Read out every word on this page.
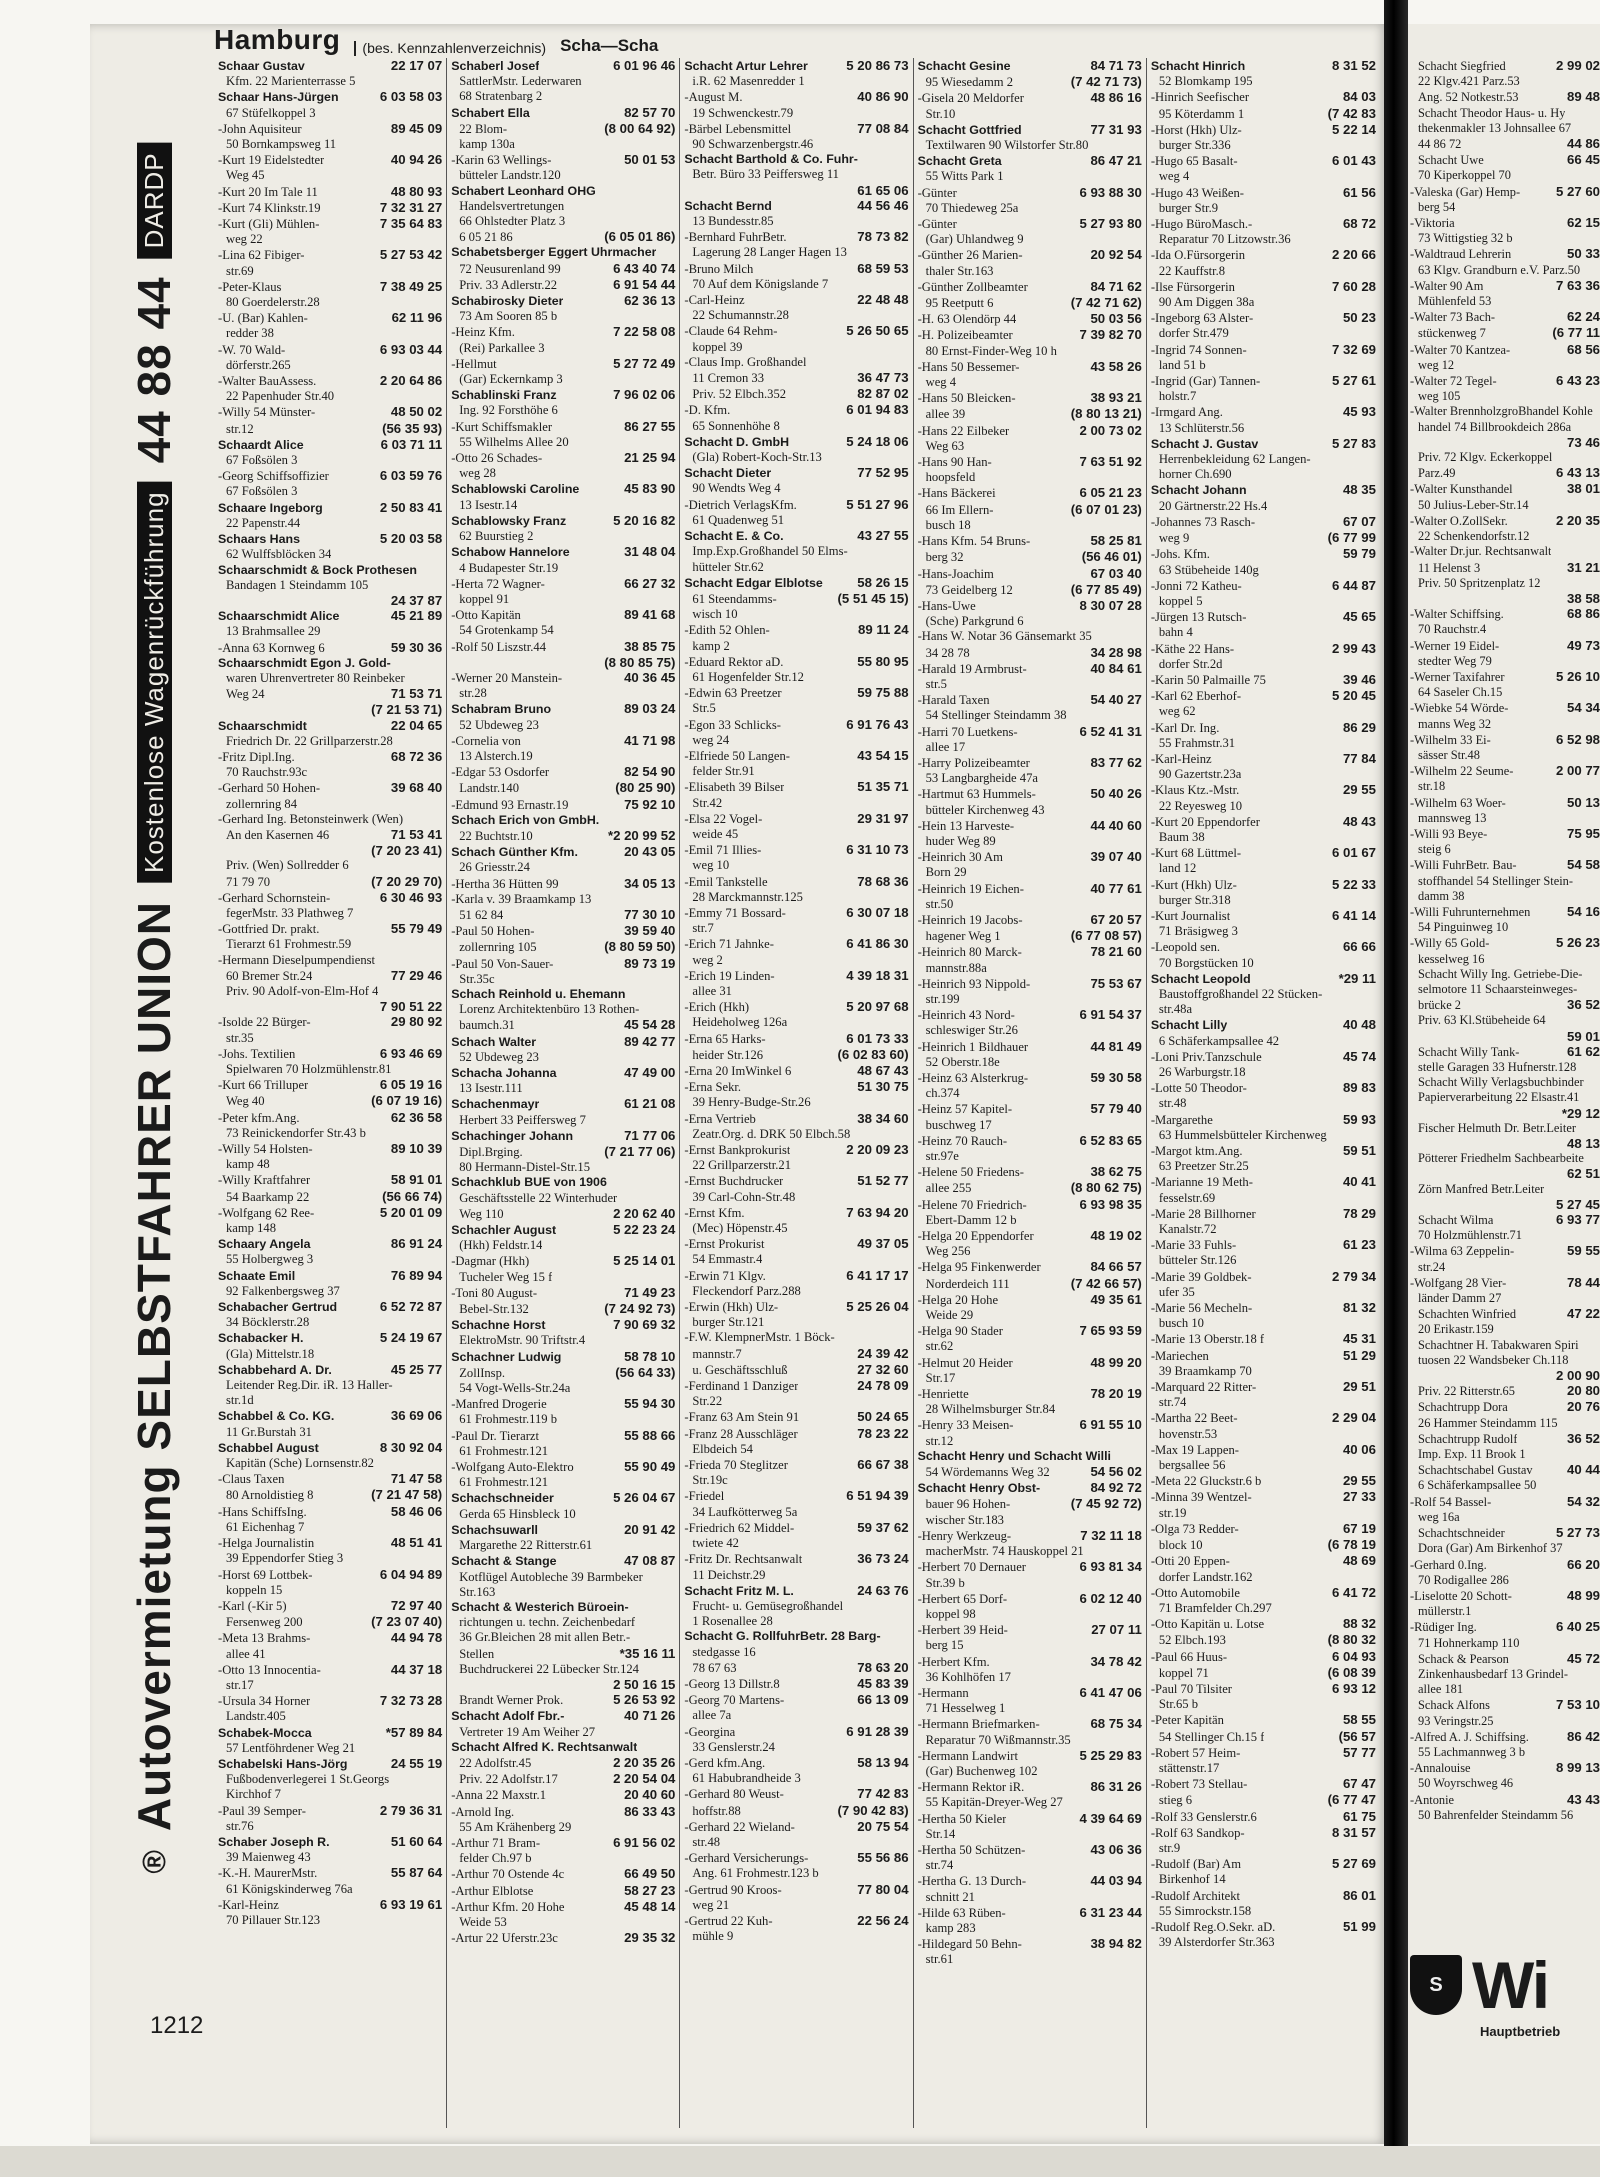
Hamburg	(bes. Kennzahlenverzeichnis) Scha—Scha
®
Autovermietung SELBSTFAHRER UNION
Kostenlose Wagenrückführung
44 88 44
DARDP
1212
Schaar Gustav	22 17 07
Kfm. 22 Marienterrasse 5
Schaar Hans-Jürgen	6 03 58 03
67 Stüfelkoppel 3
-John Aquisiteur	89 45 09
50 Bornkampsweg 11
-Kurt 19 Eidelstedter	40 94 26
Weg 45
-Kurt 20 Im Tale 11	48 80 93
-Kurt 74 Klinkstr.19	7 32 31 27
-Kurt (Gli) Mühlen-	7 35 64 83
weg 22
-Lina 62 Fibiger-	5 27 53 42
str.69
-Peter-Klaus	7 38 49 25
80 Goerdelerstr.28
-U. (Bar) Kahlen-	62 11 96
redder 38
-W. 70 Wald-	6 93 03 44
dörferstr.265
-Walter BauAssess.	2 20 64 86
22 Papenhuder Str.40
-Willy 54 Münster-	48 50 02
str.12	(56 35 93)
Schaardt Alice	6 03 71 11
67 Foßsölen 3
-Georg Schiffsoffizier	6 03 59 76
67 Foßsölen 3
Schaare Ingeborg	2 50 83 41
22 Papenstr.44
Schaars Hans	5 20 03 58
62 Wulffsblöcken 34
Schaarschmidt & Bock Prothesen
Bandagen 1 Steindamm 105
24 37 87
Schaarschmidt Alice	45 21 89
13 Brahmsallee 29
-Anna 63 Kornweg 6	59 30 36
Schaarschmidt Egon J. Gold-
waren Uhrenvertreter 80 Reinbeker
Weg 24	71 53 71
(7 21 53 71)
Schaarschmidt	22 04 65
Friedrich Dr. 22 Grillparzerstr.28
-Fritz Dipl.Ing.	68 72 36
70 Rauchstr.93c
-Gerhard 50 Hohen-	39 68 40
zollernring 84
-Gerhard Ing. Betonsteinwerk (Wen)
An den Kasernen 46	71 53 41
(7 20 23 41)
Priv. (Wen) Sollredder 6
71 79 70	(7 20 29 70)
-Gerhard Schornstein-	6 30 46 93
fegerMstr. 33 Plathweg 7
-Gottfried Dr. prakt.	55 79 49
Tierarzt 61 Frohmestr.59
-Hermann Dieselpumpendienst
60 Bremer Str.24	77 29 46
Priv. 90 Adolf-von-Elm-Hof 4
7 90 51 22
-Isolde 22 Bürger-	29 80 92
str.35
-Johs. Textilien	6 93 46 69
Spielwaren 70 Holzmühlenstr.81
-Kurt 66 Trilluper	6 05 19 16
Weg 40	(6 07 19 16)
-Peter kfm.Ang.	62 36 58
73 Reinickendorfer Str.43 b
-Willy 54 Holsten-	89 10 39
kamp 48
-Willy Kraftfahrer	58 91 01
54 Baarkamp 22	(56 66 74)
-Wolfgang 62 Ree-	5 20 01 09
kamp 148
Schaary Angela	86 91 24
55 Holbergweg 3
Schaate Emil	76 89 94
92 Falkenbergsweg 37
Schabacher Gertrud	6 52 72 87
34 Böcklerstr.28
Schabacker H.	5 24 19 67
(Gla) Mittelstr.18
Schabbehard A. Dr.	45 25 77
Leitender Reg.Dir. iR. 13 Haller-
str.1d
Schabbel & Co. KG.	36 69 06
11 Gr.Burstah 31
Schabbel August	8 30 92 04
Kapitän (Sche) Lornsenstr.82
-Claus Taxen	71 47 58
80 Arnoldistieg 8	(7 21 47 58)
-Hans SchiffsIng.	58 46 06
61 Eichenhag 7
-Helga Journalistin	48 51 41
39 Eppendorfer Stieg 3
-Horst 69 Lottbek-	6 04 94 89
koppeln 15
-Karl (-Kir 5)	72 97 40
Fersenweg 200	(7 23 07 40)
-Meta 13 Brahms-	44 94 78
allee 41
-Otto 13 Innocentia-	44 37 18
str.17
-Ursula 34 Horner	7 32 73 28
Landstr.405
Schabek-Mocca	*57 89 84
57 Lentföhrdener Weg 21
Schabelski Hans-Jörg	24 55 19
Fußbodenverlegerei 1 St.Georgs
Kirchhof 7
-Paul 39 Semper-	2 79 36 31
str.76
Schaber Joseph R.	51 60 64
39 Maienweg 43
-K.-H. MaurerMstr.	55 87 64
61 Königskinderweg 76a
-Karl-Heinz	6 93 19 61
70 Pillauer Str.123
Schaberl Josef	6 01 96 46
SattlerMstr. Lederwaren
68 Stratenbarg 2
Schabert Ella	82 57 70
22 Blom-	(8 00 64 92)
kamp 130a
-Karin 63 Wellings-	50 01 53
bütteler Landstr.120
Schabert Leonhard OHG
Handelsvertretungen
66 Ohlstedter Platz 3
6 05 21 86	(6 05 01 86)
Schabetsberger Eggert Uhrmacher
72 Neusurenland 99	6 43 40 74
Priv. 33 Adlerstr.22	6 91 54 44
Schabirosky Dieter	62 36 13
73 Am Sooren 85 b
-Heinz Kfm.	7 22 58 08
(Rei) Parkallee 3
-Hellmut	5 27 72 49
(Gar) Eckernkamp 3
Schablinski Franz	7 96 02 06
Ing. 92 Forsthöhe 6
-Kurt Schiffsmakler	86 27 55
55 Wilhelms Allee 20
-Otto 26 Schades-	21 25 94
weg 28
Schablowski Caroline	45 83 90
13 Isestr.14
Schablowsky Franz	5 20 16 82
62 Buurstieg 2
Schabow Hannelore	31 48 04
4 Budapester Str.19
-Herta 72 Wagner-	66 27 32
koppel 91
-Otto Kapitän	89 41 68
54 Grotenkamp 54
-Rolf 50 Liszstr.44	38 85 75
(8 80 85 75)
-Werner 20 Manstein-	40 36 45
str.28
Schabram Bruno	89 03 24
52 Ubdeweg 23
-Cornelia von	41 71 98
13 Alsterch.19
-Edgar 53 Osdorfer	82 54 90
Landstr.140	(80 25 90)
-Edmund 93 Ernastr.19	75 92 10
Schach Erich von GmbH.
22 Buchtstr.10	*2 20 99 52
Schach Günther Kfm.	20 43 05
26 Griesstr.24
-Hertha 36 Hütten 99	34 05 13
-Karla v. 39 Braamkamp 13
51 62 84	77 30 10
-Paul 50 Hohen-	39 59 40
zollernring 105	(8 80 59 50)
-Paul 50 Von-Sauer-	89 73 19
Str.35c
Schach Reinhold u. Ehemann
Lorenz Architektenbüro 13 Rothen-
baumch.31	45 54 28
Schach Walter	89 42 77
52 Ubdeweg 23
Schacha Johanna	47 49 00
13 Isestr.111
Schachenmayr	61 21 08
Herbert 33 Peiffersweg 7
Schachinger Johann	71 77 06
Dipl.Brging.	(7 21 77 06)
80 Hermann-Distel-Str.15
Schachklub BUE von 1906
Geschäftsstelle 22 Winterhuder
Weg 110	2 20 62 40
Schachler August	5 22 23 24
(Hkh) Feldstr.14
-Dagmar (Hkh)	5 25 14 01
Tucheler Weg 15 f
-Toni 80 August-	71 49 23
Bebel-Str.132	(7 24 92 73)
Schachne Horst	7 90 69 32
ElektroMstr. 90 Triftstr.4
Schachner Ludwig	58 78 10
ZollInsp.	(56 64 33)
54 Vogt-Wells-Str.24a
-Manfred Drogerie	55 94 30
61 Frohmestr.119 b
-Paul Dr. Tierarzt	55 88 66
61 Frohmestr.121
-Wolfgang Auto-Elektro	55 90 49
61 Frohmestr.121
Schachschneider	5 26 04 67
Gerda 65 Hinsbleck 10
Schachsuwarll	20 91 42
Margarethe 22 Ritterstr.61
Schacht & Stange	47 08 87
Kotflügel Autobleche 39 Barmbeker
Str.163
Schacht & Westerich Büroein-
richtungen u. techn. Zeichenbedarf
36 Gr.Bleichen 28 mit allen Betr.-
Stellen	*35 16 11
Buchdruckerei 22 Lübecker Str.124
2 50 16 15
Brandt Werner Prok.	5 26 53 92
Schacht Adolf Fbr.-	40 71 26
Vertreter 19 Am Weiher 27
Schacht Alfred K. Rechtsanwalt
22 Adolfstr.45	2 20 35 26
Priv. 22 Adolfstr.17	2 20 54 04
-Anna 22 Maxstr.1	20 40 60
-Arnold Ing.	86 33 43
55 Am Krähenberg 29
-Arthur 71 Bram-	6 91 56 02
felder Ch.97 b
-Arthur 70 Ostende 4c	66 49 50
-Arthur Elblotse	58 27 23
-Arthur Kfm. 20 Hohe	45 48 14
Weide 53
-Artur 22 Uferstr.23c	29 35 32
Schacht Artur Lehrer	5 20 86 73
i.R. 62 Masenredder 1
-August M.	40 86 90
19 Schwenckestr.79
-Bärbel Lebensmittel	77 08 84
90 Schwarzenbergstr.46
Schacht Barthold & Co. Fuhr-
Betr. Büro 33 Peiffersweg 11
61 65 06
Schacht Bernd	44 56 46
13 Bundesstr.85
-Bernhard FuhrBetr.	78 73 82
Lagerung 28 Langer Hagen 13
-Bruno Milch	68 59 53
70 Auf dem Königslande 7
-Carl-Heinz	22 48 48
22 Schumannstr.28
-Claude 64 Rehm-	5 26 50 65
koppel 39
-Claus Imp. Großhandel
11 Cremon 33	36 47 73
Priv. 52 Elbch.352	82 87 02
-D. Kfm.	6 01 94 83
65 Sonnenhöhe 8
Schacht D. GmbH	5 24 18 06
(Gla) Robert-Koch-Str.13
Schacht Dieter	77 52 95
90 Wendts Weg 4
-Dietrich VerlagsKfm.	5 51 27 96
61 Quadenweg 51
Schacht E. & Co.	43 27 55
Imp.Exp.Großhandel 50 Elms-
hütteler Str.62
Schacht Edgar Elblotse	58 26 15
61 Steendamms-	(5 51 45 15)
wisch 10
-Edith 52 Ohlen-	89 11 24
kamp 2
-Eduard Rektor aD.	55 80 95
61 Hogenfelder Str.12
-Edwin 63 Preetzer	59 75 88
Str.5
-Egon 33 Schlicks-	6 91 76 43
weg 24
-Elfriede 50 Langen-	43 54 15
felder Str.91
-Elisabeth 39 Bilser	51 35 71
Str.42
-Elsa 22 Vogel-	29 31 97
weide 45
-Emil 71 Illies-	6 31 10 73
weg 10
-Emil Tankstelle	78 68 36
28 Marckmannstr.125
-Emmy 71 Bossard-	6 30 07 18
str.7
-Erich 71 Jahnke-	6 41 86 30
weg 2
-Erich 19 Linden-	4 39 18 31
allee 31
-Erich (Hkh)	5 20 97 68
Heideholweg 126a
-Erna 65 Harks-	6 01 73 33
heider Str.126	(6 02 83 60)
-Erna 20 ImWinkel 6	48 67 43
-Erna Sekr.	51 30 75
39 Henry-Budge-Str.26
-Erna Vertrieb	38 34 60
Zeatr.Org. d. DRK 50 Elbch.58
-Ernst Bankprokurist	2 20 09 23
22 Grillparzerstr.21
-Ernst Buchdrucker	51 52 77
39 Carl-Cohn-Str.48
-Ernst Kfm.	7 63 94 20
(Mec) Höpenstr.45
-Ernst Prokurist	49 37 05
54 Emmastr.4
-Erwin 71 Klgv.	6 41 17 17
Fleckendorf Parz.288
-Erwin (Hkh) Ulz-	5 25 26 04
burger Str.121
-F.W. KlempnerMstr. 1 Böck-
mannstr.7	24 39 42
u. Geschäftsschluß	27 32 60
-Ferdinand 1 Danziger	24 78 09
Str.22
-Franz 63 Am Stein 91	50 24 65
-Franz 28 Ausschläger	78 23 22
Elbdeich 54
-Frieda 70 Steglitzer	66 67 38
Str.19c
-Friedel	6 51 94 39
34 Laufkötterweg 5a
-Friedrich 62 Middel-	59 37 62
twiete 42
-Fritz Dr. Rechtsanwalt	36 73 24
11 Deichstr.29
Schacht Fritz M. L.	24 63 76
Frucht- u. Gemüsegroßhandel
1 Rosenallee 28
Schacht G. RollfuhrBetr. 28 Barg-
stedgasse 16
78 67 63	78 63 20
-Georg 13 Dillstr.8	45 83 39
-Georg 70 Martens-	66 13 09
allee 7a
-Georgina	6 91 28 39
33 Genslerstr.24
-Gerd kfm.Ang.	58 13 94
61 Habubrandheide 3
-Gerhard 80 Weust-	77 42 83
hoffstr.88	(7 90 42 83)
-Gerhard 22 Wieland-	20 75 54
str.48
-Gerhard Versicherungs-	55 56 86
Ang. 61 Frohmestr.123 b
-Gertrud 90 Kroos-	77 80 04
weg 21
-Gertrud 22 Kuh-	22 56 24
mühle 9
Schacht Gesine	84 71 73
95 Wiesedamm 2	(7 42 71 73)
-Gisela 20 Meldorfer	48 86 16
Str.10
Schacht Gottfried	77 31 93
Textilwaren 90 Wilstorfer Str.80
Schacht Greta	86 47 21
55 Witts Park 1
-Günter	6 93 88 30
70 Thiedeweg 25a
-Günter	5 27 93 80
(Gar) Uhlandweg 9
-Günther 26 Marien-	20 92 54
thaler Str.163
-Günther Zollbeamter	84 71 62
95 Reetputt 6	(7 42 71 62)
-H. 63 Olendörp 44	50 03 56
-H. Polizeibeamter	7 39 82 70
80 Ernst-Finder-Weg 10 h
-Hans 50 Bessemer-	43 58 26
weg 4
-Hans 50 Bleicken-	38 93 21
allee 39	(8 80 13 21)
-Hans 22 Eilbeker	2 00 73 02
Weg 63
-Hans 90 Han-	7 63 51 92
hoopsfeld
-Hans Bäckerei	6 05 21 23
66 Im Ellern-	(6 07 01 23)
busch 18
-Hans Kfm. 54 Bruns-	58 25 81
berg 32	(56 46 01)
-Hans-Joachim	67 03 40
73 Geidelberg 12	(6 77 85 49)
-Hans-Uwe	8 30 07 28
(Sche) Parkgrund 6
-Hans W. Notar 36 Gänsemarkt 35
34 28 78	34 28 98
-Harald 19 Armbrust-	40 84 61
str.5
-Harald Taxen	54 40 27
54 Stellinger Steindamm 38
-Harri 70 Luetkens-	6 52 41 31
allee 17
-Harry Polizeibeamter	83 77 62
53 Langbargheide 47a
-Hartmut 63 Hummels-	50 40 26
bütteler Kirchenweg 43
-Hein 13 Harveste-	44 40 60
huder Weg 89
-Heinrich 30 Am	39 07 40
Born 29
-Heinrich 19 Eichen-	40 77 61
str.50
-Heinrich 19 Jacobs-	67 20 57
hagener Weg 1	(6 77 08 57)
-Heinrich 80 Marck-	78 21 60
mannstr.88a
-Heinrich 93 Nippold-	75 53 67
str.199
-Heinrich 43 Nord-	6 91 54 37
schleswiger Str.26
-Heinrich 1 Bildhauer	44 81 49
52 Oberstr.18e
-Heinz 63 Alsterkrug-	59 30 58
ch.374
-Heinz 57 Kapitel-	57 79 40
buschweg 17
-Heinz 70 Rauch-	6 52 83 65
str.97e
-Helene 50 Friedens-	38 62 75
allee 255	(8 80 62 75)
-Helene 70 Friedrich-	6 93 98 35
Ebert-Damm 12 b
-Helga 20 Eppendorfer	48 19 02
Weg 256
-Helga 95 Finkenwerder	84 66 57
Norderdeich 111	(7 42 66 57)
-Helga 20 Hohe	49 35 61
Weide 29
-Helga 90 Stader	7 65 93 59
str.62
-Helmut 20 Heider	48 99 20
Str.17
-Henriette	78 20 19
28 Wilhelmsburger Str.84
-Henry 33 Meisen-	6 91 55 10
str.12
Schacht Henry und Schacht Willi
54 Wördemanns Weg 32	54 56 02
Schacht Henry Obst-	84 92 72
bauer 96 Hohen-	(7 45 92 72)
wischer Str.183
-Henry Werkzeug-	7 32 11 18
macherMstr. 74 Hauskoppel 21
-Herbert 70 Dernauer	6 93 81 34
Str.39 b
-Herbert 65 Dorf-	6 02 12 40
koppel 98
-Herbert 39 Heid-	27 07 11
berg 15
-Herbert Kfm.	34 78 42
36 Kohlhöfen 17
-Hermann	6 41 47 06
71 Hesselweg 1
-Hermann Briefmarken-	68 75 34
Reparatur 70 Wißmannstr.35
-Hermann Landwirt	5 25 29 83
(Gar) Buchenweg 102
-Hermann Rektor iR.	86 31 26
55 Kapitän-Dreyer-Weg 27
-Hertha 50 Kieler	4 39 64 69
Str.14
-Hertha 50 Schützen-	43 06 36
str.74
-Hertha G. 13 Durch-	44 03 94
schnitt 21
-Hilde 63 Rüben-	6 31 23 44
kamp 283
-Hildegard 50 Behn-	38 94 82
str.61
Schacht Hinrich	8 31 52
52 Blomkamp 195
-Hinrich Seefischer	84 03
95 Köterdamm 1	(7 42 83
-Horst (Hkh) Ulz-	5 22 14
burger Str.336
-Hugo 65 Basalt-	6 01 43
weg 4
-Hugo 43 Weißen-	61 56
burger Str.9
-Hugo BüroMasch.-	68 72
Reparatur 70 Litzowstr.36
-Ida O.Fürsorgerin	2 20 66
22 Kauffstr.8
-Ilse Fürsorgerin	7 60 28
90 Am Diggen 38a
-Ingeborg 63 Alster-	50 23
dorfer Str.479
-Ingrid 74 Sonnen-	7 32 69
land 51 b
-Ingrid (Gar) Tannen-	5 27 61
holstr.7
-Irmgard Ang.	45 93
13 Schlüterstr.56
Schacht J. Gustav	5 27 83
Herrenbekleidung 62 Langen-
horner Ch.690
Schacht Johann	48 35
20 Gärtnerstr.22 Hs.4
-Johannes 73 Rasch-	67 07
weg 9	(6 77 99
-Johs. Kfm.	59 79
63 Stübeheide 140g
-Jonni 72 Katheu-	6 44 87
koppel 5
-Jürgen 13 Rutsch-	45 65
bahn 4
-Käthe 22 Hans-	2 99 43
dorfer Str.2d
-Karin 50 Palmaille 75	39 46
-Karl 62 Eberhof-	5 20 45
weg 62
-Karl Dr. Ing.	86 29
55 Frahmstr.31
-Karl-Heinz	77 84
90 Gazertstr.23a
-Klaus Ktz.-Mstr.	29 55
22 Reyesweg 10
-Kurt 20 Eppendorfer	48 43
Baum 38
-Kurt 68 Lüttmel-	6 01 67
land 12
-Kurt (Hkh) Ulz-	5 22 33
burger Str.318
-Kurt Journalist	6 41 14
71 Bräsigweg 3
-Leopold sen.	66 66
70 Borgstücken 10
Schacht Leopold	*29 11
Baustoffgroßhandel 22 Stücken-
str.48a
Schacht Lilly	40 48
6 Schäferkampsallee 42
-Loni Priv.Tanzschule	45 74
26 Warburgstr.18
-Lotte 50 Theodor-	89 83
str.48
-Margarethe	59 93
63 Hummelsbütteler Kirchenweg
-Margot ktm.Ang.	59 51
63 Preetzer Str.25
-Marianne 19 Meth-	40 41
fesselstr.69
-Marie 28 Billhorner	78 29
Kanalstr.72
-Marie 33 Fuhls-	61 23
bütteler Str.126
-Marie 39 Goldbek-	2 79 34
ufer 35
-Marie 56 Mecheln-	81 32
busch 10
-Marie 13 Oberstr.18 f	45 31
-Mariechen	51 29
39 Braamkamp 70
-Marquard 22 Ritter-	29 51
str.74
-Martha 22 Beet-	2 29 04
hovenstr.53
-Max 19 Lappen-	40 06
bergsallee 56
-Meta 22 Gluckstr.6 b	29 55
-Minna 39 Wentzel-	27 33
str.19
-Olga 73 Redder-	67 19
block 10	(6 78 19
-Otti 20 Eppen-	48 69
dorfer Landstr.162
-Otto Automobile	6 41 72
71 Bramfelder Ch.297
-Otto Kapitän u. Lotse	88 32
52 Elbch.193	(8 80 32
-Paul 66 Huus-	6 04 93
koppel 71	(6 08 39
-Paul 70 Tilsiter	6 93 12
Str.65 b
-Peter Kapitän	58 55
54 Stellinger Ch.15 f	(56 57
-Robert 57 Heim-	57 77
stättenstr.17
-Robert 73 Stellau-	67 47
stieg 6	(6 77 47
-Rolf 33 Genslerstr.6	61 75
-Rolf 63 Sandkop-	8 31 57
str.9
-Rudolf (Bar) Am	5 27 69
Birkenhof 14
-Rudolf Architekt	86 01
55 Simrockstr.158
-Rudolf Reg.O.Sekr. aD.	51 99
39 Alsterdorfer Str.363
Schacht Siegfried	2 99 02
22 Klgv.421 Parz.53
Ang. 52 Notkestr.53	89 48
Schacht Theodor Haus- u. Hy
thekenmakler 13 Johnsallee 67
44 86 72	44 86
Schacht Uwe	66 45
70 Kiperkoppel 70
-Valeska (Gar) Hemp-	5 27 60
berg 54
-Viktoria	62 15
73 Wittigstieg 32 b
-Waldtraud Lehrerin	50 33
63 Klgv. Grandburn e.V. Parz.50
-Walter 90 Am	7 63 36
Mühlenfeld 53
-Walter 73 Bach-	62 24
stückenweg 7	(6 77 11
-Walter 70 Kantzea-	68 56
weg 12
-Walter 72 Tegel-	6 43 23
weg 105
-Walter BrennholzgroBhandel Kohle
handel 74 Billbrookdeich 286a
73 46
Priv. 72 Klgv. Eckerkoppel
Parz.49	6 43 13
-Walter Kunsthandel	38 01
50 Julius-Leber-Str.14
-Walter O.ZollSekr.	2 20 35
22 Schenkendorfstr.12
-Walter Dr.jur. Rechtsanwalt
11 Helenst 3	31 21
Priv. 50 Spritzenplatz 12
38 58
-Walter Schiffsing.	68 86
70 Rauchstr.4
-Werner 19 Eidel-	49 73
stedter Weg 79
-Werner Taxifahrer	5 26 10
64 Saseler Ch.15
-Wiebke 54 Wörde-	54 34
manns Weg 32
-Wilhelm 33 Ei-	6 52 98
sässer Str.48
-Wilhelm 22 Seume-	2 00 77
str.18
-Wilhelm 63 Woer-	50 13
mannsweg 13
-Willi 93 Beye-	75 95
steig 6
-Willi FuhrBetr. Bau-	54 58
stoffhandel 54 Stellinger Stein-
damm 38
-Willi Fuhrunternehmen	54 16
54 Pinguinweg 10
-Willy 65 Gold-	5 26 23
kesselweg 16
Schacht Willy Ing. Getriebe-Die-
selmotore 11 Schaarsteinweges-
brücke 2	36 52
Priv. 63 Kl.Stübeheide 64
59 01
Schacht Willy Tank-	61 62
stelle Garagen 33 Hufnerstr.128
Schacht Willy Verlagsbuchbinder
Papierverarbeitung 22 Elsastr.41
*29 12
Fischer Helmuth Dr. Betr.Leiter
48 13
Pötterer Friedhelm Sachbearbeite
62 51
Zörn Manfred Betr.Leiter
5 27 45
Schacht Wilma	6 93 77
70 Holzmühlenstr.71
-Wilma 63 Zeppelin-	59 55
str.24
-Wolfgang 28 Vier-	78 44
länder Damm 27
Schachten Winfried	47 22
20 Erikastr.159
Schachtner H. Tabakwaren Spiri
tuosen 22 Wandsbeker Ch.118
2 00 90
Priv. 22 Ritterstr.65	20 80
Schachtrupp Dora	20 76
26 Hammer Steindamm 115
Schachtrupp Rudolf	36 52
Imp. Exp. 11 Brook 1
Schachtschabel Gustav	40 44
6 Schäferkampsallee 50
-Rolf 54 Bassel-	54 32
weg 16a
Schachtschneider	5 27 73
Dora (Gar) Am Birkenhof 37
-Gerhard 0.Ing.	66 20
70 Rodigallee 286
-Liselotte 20 Schott-	48 99
müllerstr.1
-Rüdiger Ing.	6 40 25
71 Hohnerkamp 110
Schack & Pearson	45 72
Zinkenhausbedarf 13 Grindel-
allee 181
Schack Alfons	7 53 10
93 Veringstr.25
-Alfred A. J. Schiffsing.	86 42
55 Lachmannweg 3 b
-Annalouise	8 99 13
50 Woyrschweg 46
-Antonie	43 43
50 Bahrenfelder Steindamm 56
S Wi
Hauptbetrieb
